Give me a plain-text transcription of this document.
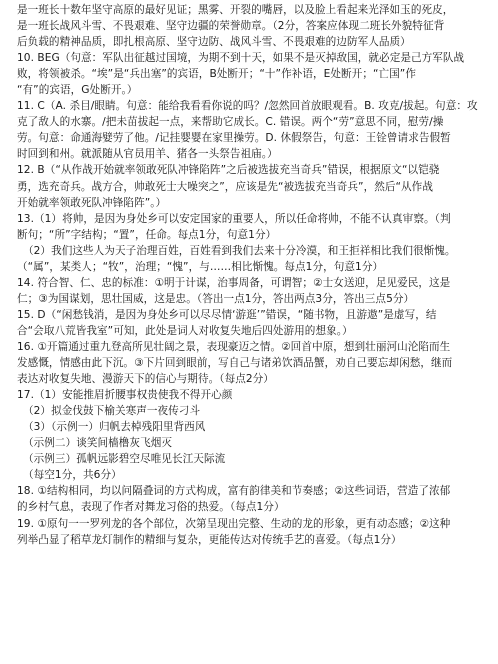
是一班长十数年坚守高原的最好见证；黑雾、开裂的嘴唇，以及脸上看起来光泽如玉的死皮，
是一班长战风斗雪、不畏艰难、坚守边疆的荣誉勋章。（2分，答案应体现二班长外貌特征背
后负载的精神品质，即扎根高原、坚守边防、战风斗雪、不畏艰难的边防军人品质）
10. BEG（句意：军队出征越过国境，为期不到十天，如果不是灭掉敌国，就必定是己方军队战
败，将领被杀。“埃”是“兵出塞”的宾语，B处断开；“十”作补语，E处断开；“亡国”作
“有”的宾语，G处断开。）
11. C（A. 杀目/眼睛。句意：能给我看看你说的吗？/忽然回首放眼观看。B. 攻克/拔起。句意：攻
克了敌人的水寨。/把未苗拔起一点，来帮助它成长。C. 错误。两个“劳”意思不同，慰劳/操
劳。句意：命通海嬖劳了他。/记挂婴婴在家里操劳。D. 休假祭告，句意：王铨曾请求告假暂
时回到和州。就派随从官员用羊、猪各一头祭告祖庙。）
12. B（“从作战开始就率领敢死队冲锋陷阵”之后被选拔充当奇兵”错误，根据原文“以铠骁
勇，选充奇兵。战方合，帅敢死士大噪突之”，应该是先“被选拔充当奇兵”，然后“从作战
开始就率领敢死队冲锋陷阵”。）
13.（1）将帅，是因为身处乡可以安定国家的重要人，所以任命将帅，不能不认真审察。（判
断句；“所”字结构；“置”，任命。每点1分，句意1分）
（2）我们这些人为天子治理百姓，百姓看到我们去来十分冷漠，和王拒祥相比我们很惭愧。
（“属”，某类人；“牧”，治理；“愧”，与……相比惭愧。每点1分，句意1分）
14. 符合智、仁、忠的标准：①明于计谋，治事周备，可谓智；②士女送迎，足见爱民，这是
仁；③为国谋划，思壮国威，这是忠。（答出一点1分，答出两点3分，答出三点5分）
15. D（“闲愁钱消，是因为身处乡可以尽尽情‘游逛’”错误，“随书物，且游遨”是虚写，结
合“会取八荒皆我室”可知，此处是词人对收复失地后四处游用的想象。）
16. ①开篇通过重九登高所见壮阔之景，表现豪迈之情。②回首中原，想到壮丽河山沦陷而生
发感慨，情感由此下沉。③下片回到眼前，写自己与诸弟饮酒品蟹，劝自己要忘却闲愁，继而
表达对收复失地、漫游天下的信心与期待。（每点2分）
17.（1）安能推眉折腰事权贵使我不得开心颜
（2）拟金伐鼓下榆关寒声一夜传刁斗
（3）（示例一）归帆去棹残阳里背西风
（示例二）谈笑间樯橹灰飞烟灭
（示例三）孤帆远影碧空尽唯见长江天际流
（每空1分，共6分）
18. ①结构相同，均以问隔叠词的方式构成，富有韵律美和节奏感；②这些词语，营造了浓郁
的乡村气息，表现了作者对舞龙习俗的热爱。（每点1分）
19. ①原句一一罗列龙的各个部位，次第呈现出完整、生动的龙的形象，更有动态感；②这种
列举凸显了稻草龙灯制作的精细与复杂，更能传达对传统手艺的喜爱。（每点1分）
